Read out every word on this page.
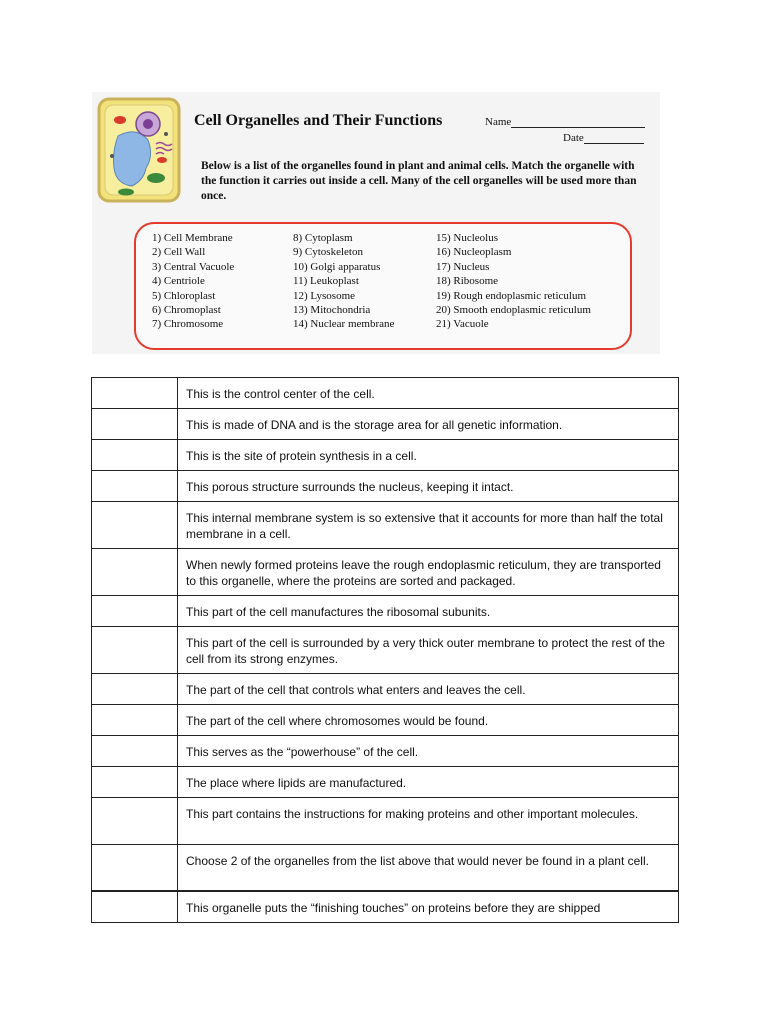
Cell Organelles and Their Functions	Name
Date
Below is a list of the organelles found in plant and animal cells. Match the organelle with the function it carries out inside a cell. Many of the cell organelles will be used more than once.
1) Cell Membrane
2) Cell Wall
3) Central Vacuole
4) Centriole
5) Chloroplast
6) Chromoplast
7) Chromosome
8) Cytoplasm
9) Cytoskeleton
10) Golgi apparatus
11) Leukoplast
12) Lysosome
13) Mitochondria
14) Nuclear membrane
15) Nucleolus
16) Nucleoplasm
17) Nucleus
18) Ribosome
19) Rough endoplasmic reticulum
20) Smooth endoplasmic reticulum
21) Vacuole
	This is the control center of the cell.
	This is made of DNA and is the storage area for all genetic information.
	This is the site of protein synthesis in a cell.
	This porous structure surrounds the nucleus, keeping it intact.
	This internal membrane system is so extensive that it accounts for more than half the total membrane in a cell.
	When newly formed proteins leave the rough endoplasmic reticulum, they are transported to this organelle, where the proteins are sorted and packaged.
	This part of the cell manufactures the ribosomal subunits.
	This part of the cell is surrounded by a very thick outer membrane to protect the rest of the cell from its strong enzymes.
	The part of the cell that controls what enters and leaves the cell.
	The part of the cell where chromosomes would be found.
	This serves as the “powerhouse” of the cell.
	The place where lipids are manufactured.
	This part contains the instructions for making proteins and other important molecules.
	Choose 2 of the organelles from the list above that would never be found in a plant cell.
	This organelle puts the “finishing touches” on proteins before they are shipped
